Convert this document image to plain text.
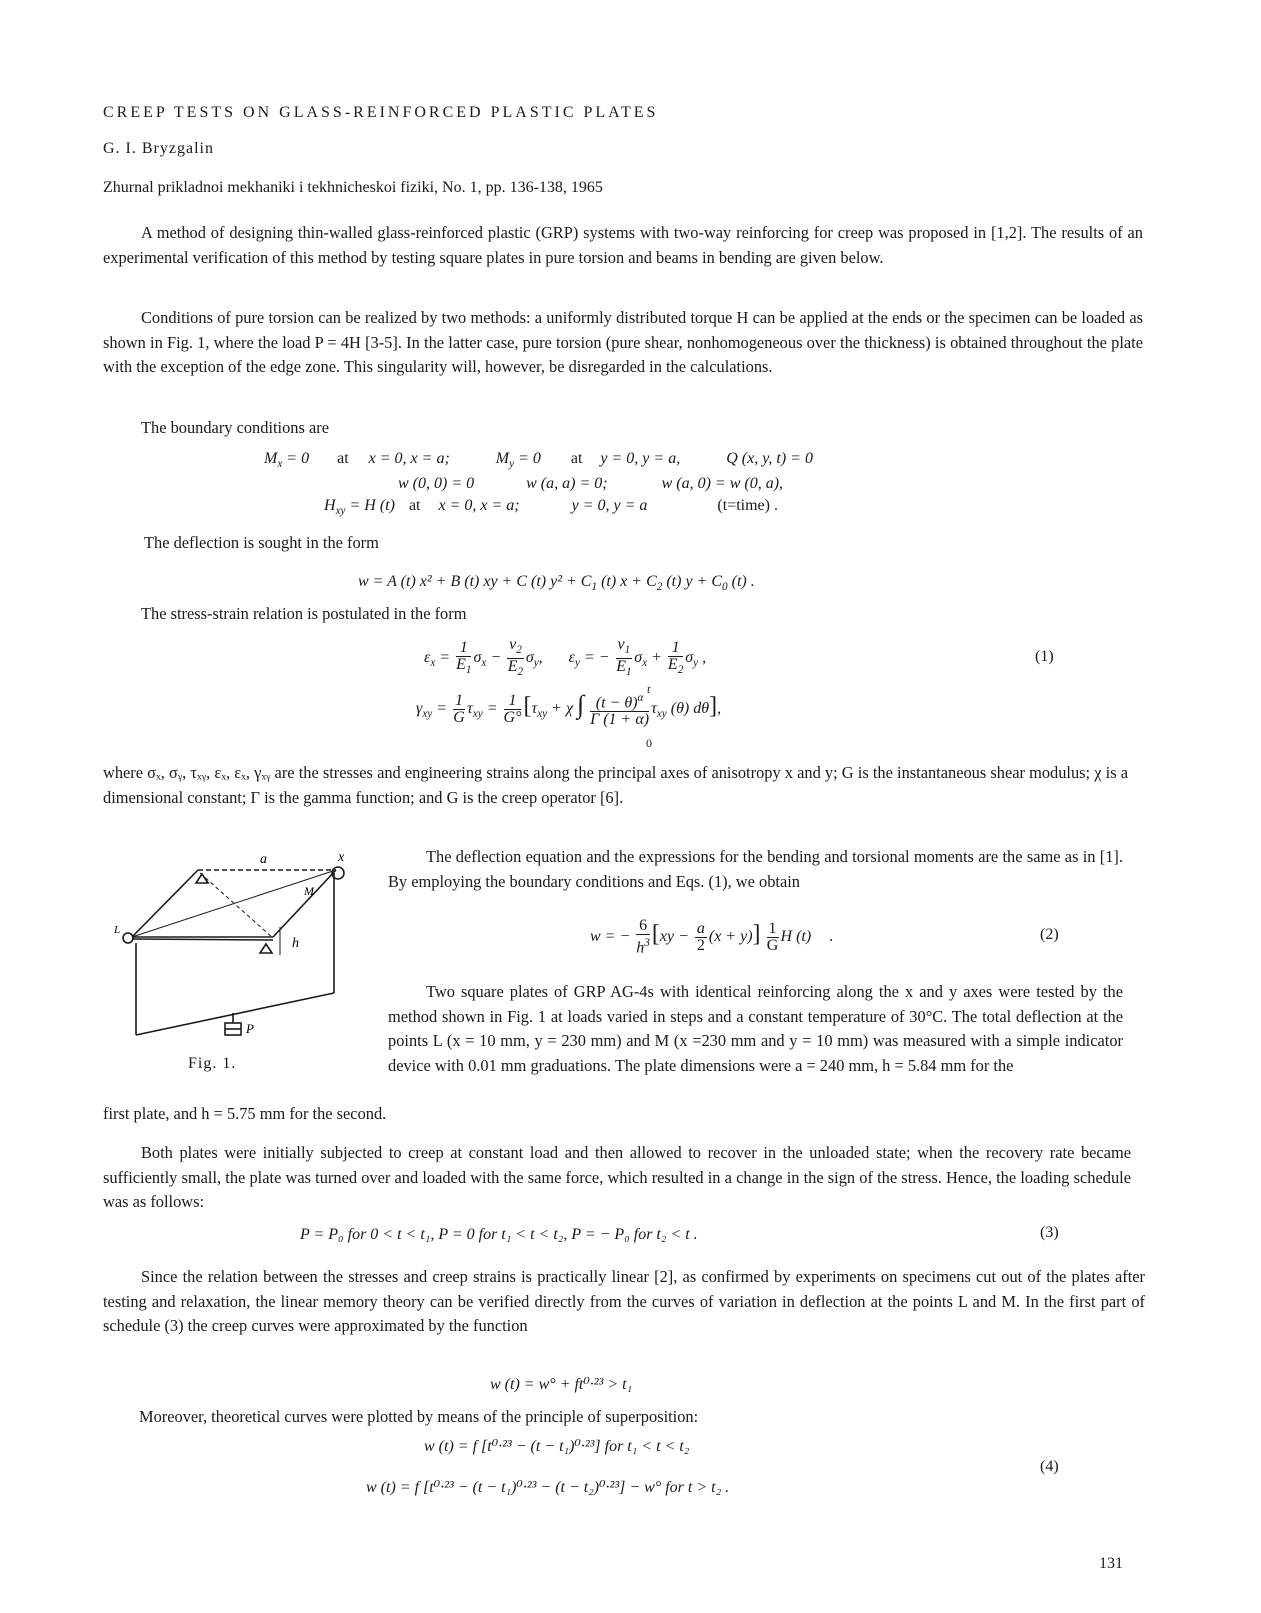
CREEP TESTS ON GLASS-REINFORCED PLASTIC PLATES
G. I. Bryzgalin
Zhurnal prikladnoi mekhaniki i tekhnicheskoi fiziki, No. 1, pp. 136-138, 1965
A method of designing thin-walled glass-reinforced plastic (GRP) systems with two-way reinforcing for creep was proposed in [1,2]. The results of an experimental verification of this method by testing square plates in pure torsion and beams in bending are given below.
Conditions of pure torsion can be realized by two methods: a uniformly distributed torque H can be applied at the ends or the specimen can be loaded as shown in Fig. 1, where the load P = 4H [3-5]. In the latter case, pure torsion (pure shear, nonhomogeneous over the thickness) is obtained throughout the plate with the exception of the edge zone. This singularity will, however, be disregarded in the calculations.
The boundary conditions are
$M_x = 0$ at x = 0, x = a;	$M_y = 0$ at y = 0, y = a,	Q (x, y, t) = 0
w (0, 0) = 0	w (a, a) = 0;	w (a, 0) = w (0, a),
$H_{xy} = H$ (t) at x = 0, x = a;	y = 0, y = a	(t=time) .
The deflection is sought in the form
w = A (t) x² + B (t) xy + C (t) $y^2 + C_1$ (t) $x + C_2$ (t) $y + C_0$ (t) .
The stress-strain relation is postulated in the form
$\varepsilon_x = \frac{1}{E_1} \sigma_x - \frac{\nu_2}{E_2} \sigma_y$, $\varepsilon_y$ = − $\frac{\nu_1}{E_1} \sigma_x + \frac{1}{E_2} \sigma_y$ ,
$\gamma_{xy} = \frac{1}{G} \tau_{xy} = \frac{1}{G^\circ} [\tau_{xy} + \chi$ ∫ $\frac{(t - \theta)^\alpha}{\Gamma (1 + \alpha)} \tau_{xy}$ (θ) dθ],
t
0
(1)
where σₓ, σᵧ, τₓᵧ, εₓ, εₓ, γₓᵧ are the stresses and engineering strains along the principal axes of anisotropy x and y; G is the instantaneous shear modulus; χ is a dimensional constant; Γ is the gamma function; and G is the creep operator [6].
a	x
M
h
L
P
Fig. 1.
The deflection equation and the expressions for the bending and torsional moments are the same as in [1]. By employing the boundary conditions and Eqs. (1), we obtain
w = − $\frac{6}{h^3} [xy - \frac{a}{2} (x + y)] \frac{1}{G}$ H (t) .	(2)
Two square plates of GRP AG-4s with identical reinforcing along the x and y axes were tested by the method shown in Fig. 1 at loads varied in steps and a constant temperature of 30°C. The total deflection at the points L (x = 10 mm, y = 230 mm) and M (x =230 mm and y = 10 mm) was measured with a simple indicator device with 0.01 mm graduations. The plate dimensions were a = 240 mm, h = 5.84 mm for the
first plate, and h = 5.75 mm for the second.
Both plates were initially subjected to creep at constant load and then allowed to recover in the unloaded state; when the recovery rate became sufficiently small, the plate was turned over and loaded with the same force, which resulted in a change in the sign of the stress. Hence, the loading schedule was as follows:
P = P₀ for 0 < t < t₁, P = 0 for t₁ < t < t₂, P = − P₀ for t₂ < t .	(3)
Since the relation between the stresses and creep strains is practically linear [2], as confirmed by experiments on specimens cut out of the plates after testing and relaxation, the linear memory theory can be verified directly from the curves of variation in deflection at the points L and M. In the first part of schedule (3) the creep curves were approximated by the function
w (t) = w° + ft⁰·²³ > t₁
Moreover, theoretical curves were plotted by means of the principle of superposition:
w (t) = f [t⁰·²³ − (t − t₁)⁰·²³] for t₁ < t < t₂
w (t) = f [t⁰·²³ − (t − t₁)⁰·²³ − (t − t₂)⁰·²³] − w° for t > t₂ .
(4)
131
